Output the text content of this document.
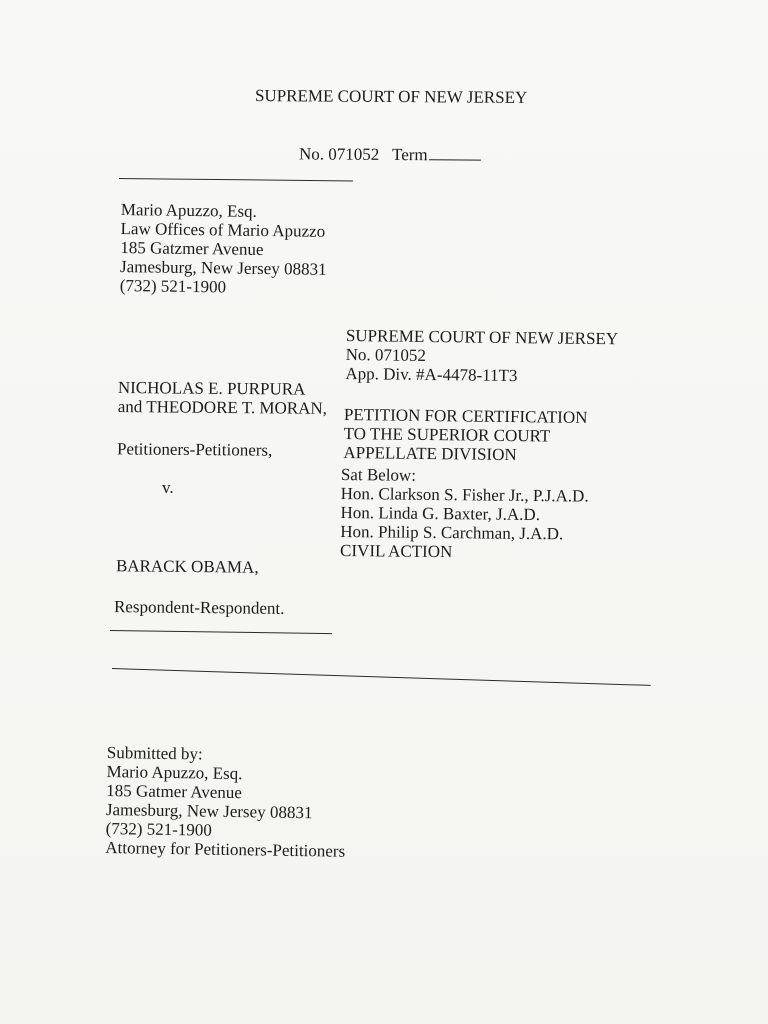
SUPREME COURT OF NEW JERSEY

No. 071052 Term

Mario Apuzzo, Esq.

Law Offices of Mario Apuzzo

185 Gatzmer Avenue

Jamesburg, New Jersey 08831

(732) 521-1900

SUPREME COURT OF NEW JERSEY

No. 071052

App. Div. #A-4478-11T3

PETITION FOR CERTIFICATION

TO THE SUPERIOR COURT

APPELLATE DIVISION

Sat Below:

Hon. Clarkson S. Fisher Jr., P.J.A.D.

Hon. Linda G. Baxter, J.A.D.

Hon. Philip S. Carchman, J.A.D.

CIVIL ACTION

NICHOLAS E. PURPURA

and THEODORE T. MORAN,

Petitioners-Petitioners,

v.

BARACK OBAMA,

Respondent-Respondent.

Submitted by:

Mario Apuzzo, Esq.

185 Gatmer Avenue

Jamesburg, New Jersey 08831

(732) 521-1900

Attorney for Petitioners-Petitioners
